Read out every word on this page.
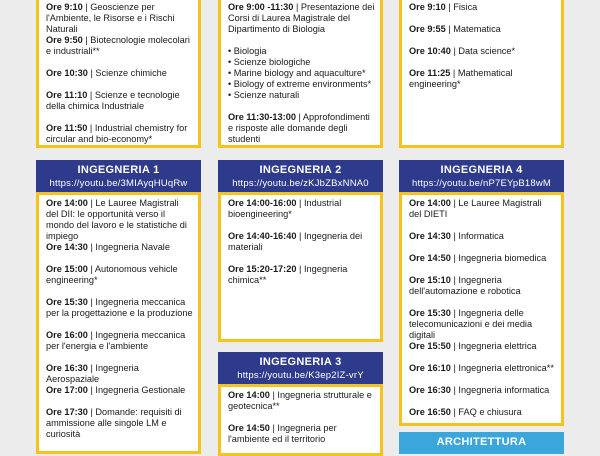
Ore 9:10 | Geoscienze per l'Ambiente, le Risorse e i Rischi Naturali
Ore 9:50 | Biotecnologie molecolari e industriali**
Ore 10:30 | Scienze chimiche
Ore 11:10 | Scienze e tecnologie della chimica Industriale
Ore 11:50 | Industrial chemistry for circular and bio-economy*
Ore 9:00 -11:30 | Presentazione dei Corsi di Laurea Magistrale del Dipartimento di Biologia
• Biologia
• Scienze biologiche
• Marine biology and aquaculture*
• Biology of extreme environments*
• Scienze naturali
Ore 11:30-13:00 | Approfondimenti e risposte alle domande degli studenti
Ore 9:10 | Fisica
Ore 9:55 | Matematica
Ore 10:40 | Data science*
Ore 11:25 | Mathematical engineering*
INGEGNERIA 1
https://youtu.be/3MIAyqHUqRw
Ore 14:00 | Le Lauree Magistrali del DII: le opportunità verso il mondo del lavoro e le statistiche di impiego
Ore 14:30 | Ingegneria Navale
Ore 15:00 | Autonomous vehicle engineering*
Ore 15:30 | Ingegneria meccanica per la progettazione e la produzione
Ore 16:00 | Ingegneria meccanica per l'energia e l'ambiente
Ore 16:30 | Ingegneria Aerospaziale
Ore 17:00 | Ingegneria Gestionale
Ore 17:30 | Domande: requisiti di ammissione alle singole LM e curiosità
INGEGNERIA 2
https://youtu.be/zKJbZBxNNA0
Ore 14:00-16:00 | Industrial bioengineering*
Ore 14:40-16:40 | Ingegneria dei materiali
Ore 15:20-17:20 | Ingegneria chimica**
INGEGNERIA 3
https://youtu.be/K3ep2IZ-vrY
Ore 14:00 | Ingegneria strutturale e geotecnica**
Ore 14:50 | Ingegneria per l'ambiente ed il territorio
INGEGNERIA 4
https://youtu.be/nP7EYpB18wM
Ore 14:00 | Le Lauree Magistrali del DIETI
Ore 14:30 | Informatica
Ore 14:50 | Ingegneria biomedica
Ore 15:10 | Ingegneria dell'automazione e robotica
Ore 15:30 | Ingegneria delle telecomunicazioni e dei media digitali
Ore 15:50 | Ingegneria elettrica
Ore 16:10 | Ingegneria elettronica**
Ore 16:30 | Ingegneria informatica
Ore 16:50 | FAQ e chiusura
ARCHITETTURA
